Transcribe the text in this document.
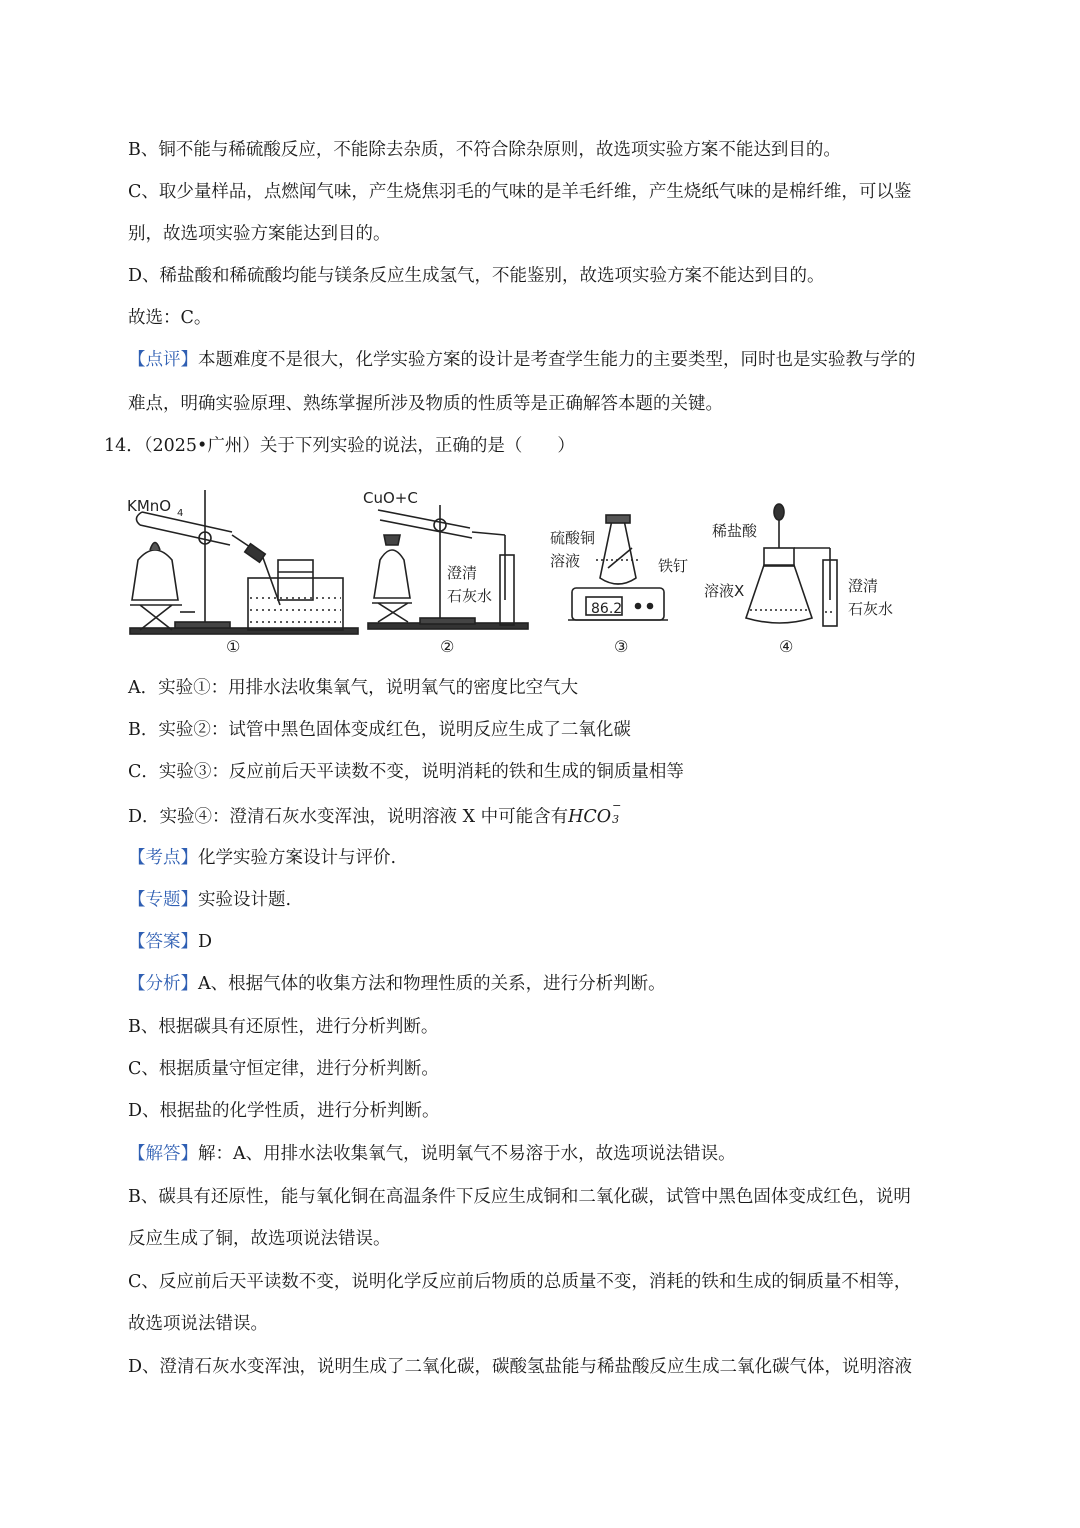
B、铜不能与稀硫酸反应，不能除去杂质，不符合除杂原则，故选项实验方案不能达到目的。
C、取少量样品，点燃闻气味，产生烧焦羽毛的气味的是羊毛纤维，产生烧纸气味的是棉纤维，可以鉴
别，故选项实验方案能达到目的。
D、稀盐酸和稀硫酸均能与镁条反应生成氢气，不能鉴别，故选项实验方案不能达到目的。
故选：C。
【点评】本题难度不是很大，化学实验方案的设计是考查学生能力的主要类型，同时也是实验教与学的
难点，明确实验原理、熟练掌握所涉及物质的性质等是正确解答本题的关键。
14．（2025•广州）关于下列实验的说法，正确的是（　　）
KMnO 4
CuO+C
澄清
石灰水
硫酸铜
溶液	铁钉
86.2
稀盐酸
溶液X	澄清
石灰水
①	②	③	④
A．实验①：用排水法收集氧气，说明氧气的密度比空气大
B．实验②：试管中黑色固体变成红色，说明反应生成了二氧化碳
C．实验③：反应前后天平读数不变，说明消耗的铁和生成的铜质量相等
D．实验④：澄清石灰水变浑浊，说明溶液 X 中可能含有HCO
−
3
【考点】化学实验方案设计与评价.
【专题】实验设计题.
【答案】D
【分析】A、根据气体的收集方法和物理性质的关系，进行分析判断。
B、根据碳具有还原性，进行分析判断。
C、根据质量守恒定律，进行分析判断。
D、根据盐的化学性质，进行分析判断。
【解答】解：A、用排水法收集氧气，说明氧气不易溶于水，故选项说法错误。
B、碳具有还原性，能与氧化铜在高温条件下反应生成铜和二氧化碳，试管中黑色固体变成红色，说明
反应生成了铜，故选项说法错误。
C、反应前后天平读数不变，说明化学反应前后物质的总质量不变，消耗的铁和生成的铜质量不相等，
故选项说法错误。
D、澄清石灰水变浑浊，说明生成了二氧化碳，碳酸氢盐能与稀盐酸反应生成二氧化碳气体，说明溶液
